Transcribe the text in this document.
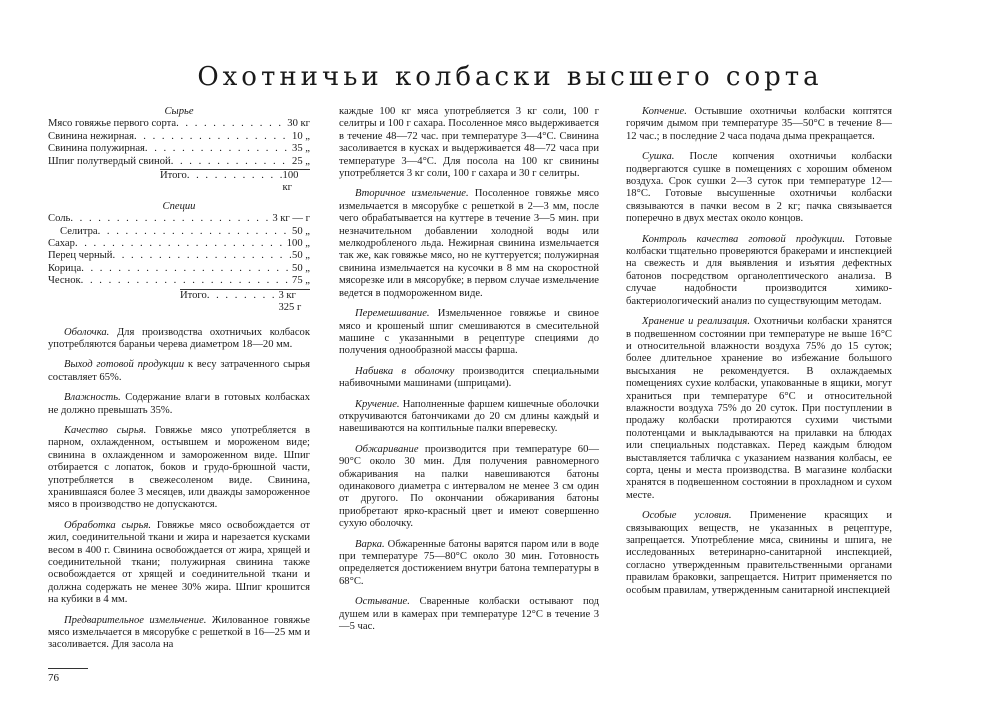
Охотничьи колбаски высшего сорта
Сырье
Мясо говяжье первого сорта . . .	30 кг
Свинина нежирная . . .	10 „
Свинина полужирная . . .	35 „
Шпиг полутвердый свиной . . .	25 „
Итого . . .	100 кг
Специи
Соль . . .	3 кг — г
Селитра . . .	50 „
Сахар . . .	100 „
Перец черный . . .	50 „
Корица . . .	50 „
Чеснок . . .	75 „
Итого . . .	3 кг 325 г

Оболочка. Для производства охотничьих колбасок употребляются бараньи черева диаметром 18—20 мм.

Выход готовой продукции к весу затраченного сырья составляет 65%.

Влажность. Содержание влаги в готовых колбасках не должно превышать 35%.

Качество сырья. Говяжье мясо употребляется в парном, охлажденном, остывшем и мороженом виде; свинина в охлажденном и замороженном виде. Шпиг отбирается с лопаток, боков и грудо-брюшной части, употребляется в свежесоленом виде. Свинина, хранившаяся более 3 месяцев, или дважды замороженное мясо в производство не допускаются.

Обработка сырья. Говяжье мясо освобождается от жил, соединительной ткани и жира и нарезается кусками весом в 400 г. Свинина освобождается от жира, хрящей и соединительной ткани; полужирная свинина также освобождается от хрящей и соединительной ткани и должна содержать не менее 30% жира. Шпиг крошится на кубики в 4 мм.

Предварительное измельчение. Жилованное говяжье мясо измельчается в мясорубке с решеткой в 16—25 мм и засоливается. Для засола на

каждые 100 кг мяса употребляется 3 кг соли, 100 г селитры и 100 г сахара. Посоленное мясо выдерживается в течение 48—72 час. при температуре 3—4°С. Свинина засоливается в кусках и выдерживается 48—72 часа при температуре 3—4°С. Для посола на 100 кг свинины употребляется 3 кг соли, 100 г сахара и 30 г селитры.

Вторичное измельчение. Посоленное говяжье мясо измельчается в мясорубке с решеткой в 2—3 мм, после чего обрабатывается на куттере в течение 3—5 мин. при незначительном добавлении холодной воды или мелкодробленого льда. Нежирная свинина измельчается так же, как говяжье мясо, но не куттеруется; полужирная свинина измельчается на кусочки в 8 мм на скоростной мясорезке или в мясорубке; в первом случае измельчение ведется в подмороженном виде.

Перемешивание. Измельченное говяжье и свиное мясо и крошеный шпиг смешиваются в смесительной машине с указанными в рецептуре специями до получения однообразной массы фарша.

Набивка в оболочку производится специальными набивочными машинами (шприцами).

Кручение. Наполненные фаршем кишечные оболочки откручиваются батончиками до 20 см длины каждый и навешиваются на коптильные палки вперевеску.

Обжаривание производится при температуре 60—90°С около 30 мин. Для получения равномерного обжаривания на палки навешиваются батоны одинакового диаметра с интервалом не менее 3 см один от другого. По окончании обжаривания батоны приобретают ярко-красный цвет и имеют совершенно сухую оболочку.

Варка. Обжаренные батоны варятся паром или в воде при температуре 75—80°С около 30 мин. Готовность определяется достижением внутри батона температуры в 68°С.

Остывание. Сваренные колбаски остывают под душем или в камерах при температуре 12°С в течение 3—5 час.

Копчение. Остывшие охотничьи колбаски коптятся горячим дымом при температуре 35—50°С в течение 8—12 час.; в последние 2 часа подача дыма прекращается.

Сушка. После копчения охотничьи колбаски подвергаются сушке в помещениях с хорошим обменом воздуха. Срок сушки 2—3 суток при температуре 12—18°С. Готовые высушенные охотничьи колбаски связываются в пачки весом в 2 кг; пачка связывается поперечно в двух местах около концов.

Контроль качества готовой продукции. Готовые колбаски тщательно проверяются бракерами и инспекцией на свежесть и для выявления и изъятия дефектных батонов посредством органолептического анализа. В случае надобности производится химико-бактериологический анализ по существующим методам.

Хранение и реализация. Охотничьи колбаски хранятся в подвешенном состоянии при температуре не выше 16°С и относительной влажности воздуха 75% до 15 суток; более длительное хранение во избежание большого высыхания не рекомендуется. В охлаждаемых помещениях сухие колбаски, упакованные в ящики, могут храниться при температуре 6°С и относительной влажности воздуха 75% до 20 суток. При поступлении в продажу колбаски протираются сухими чистыми полотенцами и выкладываются на прилавки на блюдах или специальных подставках. Перед каждым блюдом выставляется табличка с указанием названия колбасы, ее сорта, цены и места производства. В магазине колбаски хранятся в подвешенном состоянии в прохладном и сухом месте.

Особые условия. Применение красящих и связывающих веществ, не указанных в рецептуре, запрещается. Употребление мяса, свинины и шпига, не исследованных ветеринарно-санитарной инспекцией, согласно утвержденным правительственными органами правилам браковки, запрещается. Нитрит применяется по особым правилам, утвержденным санитарной инспекцией

76
